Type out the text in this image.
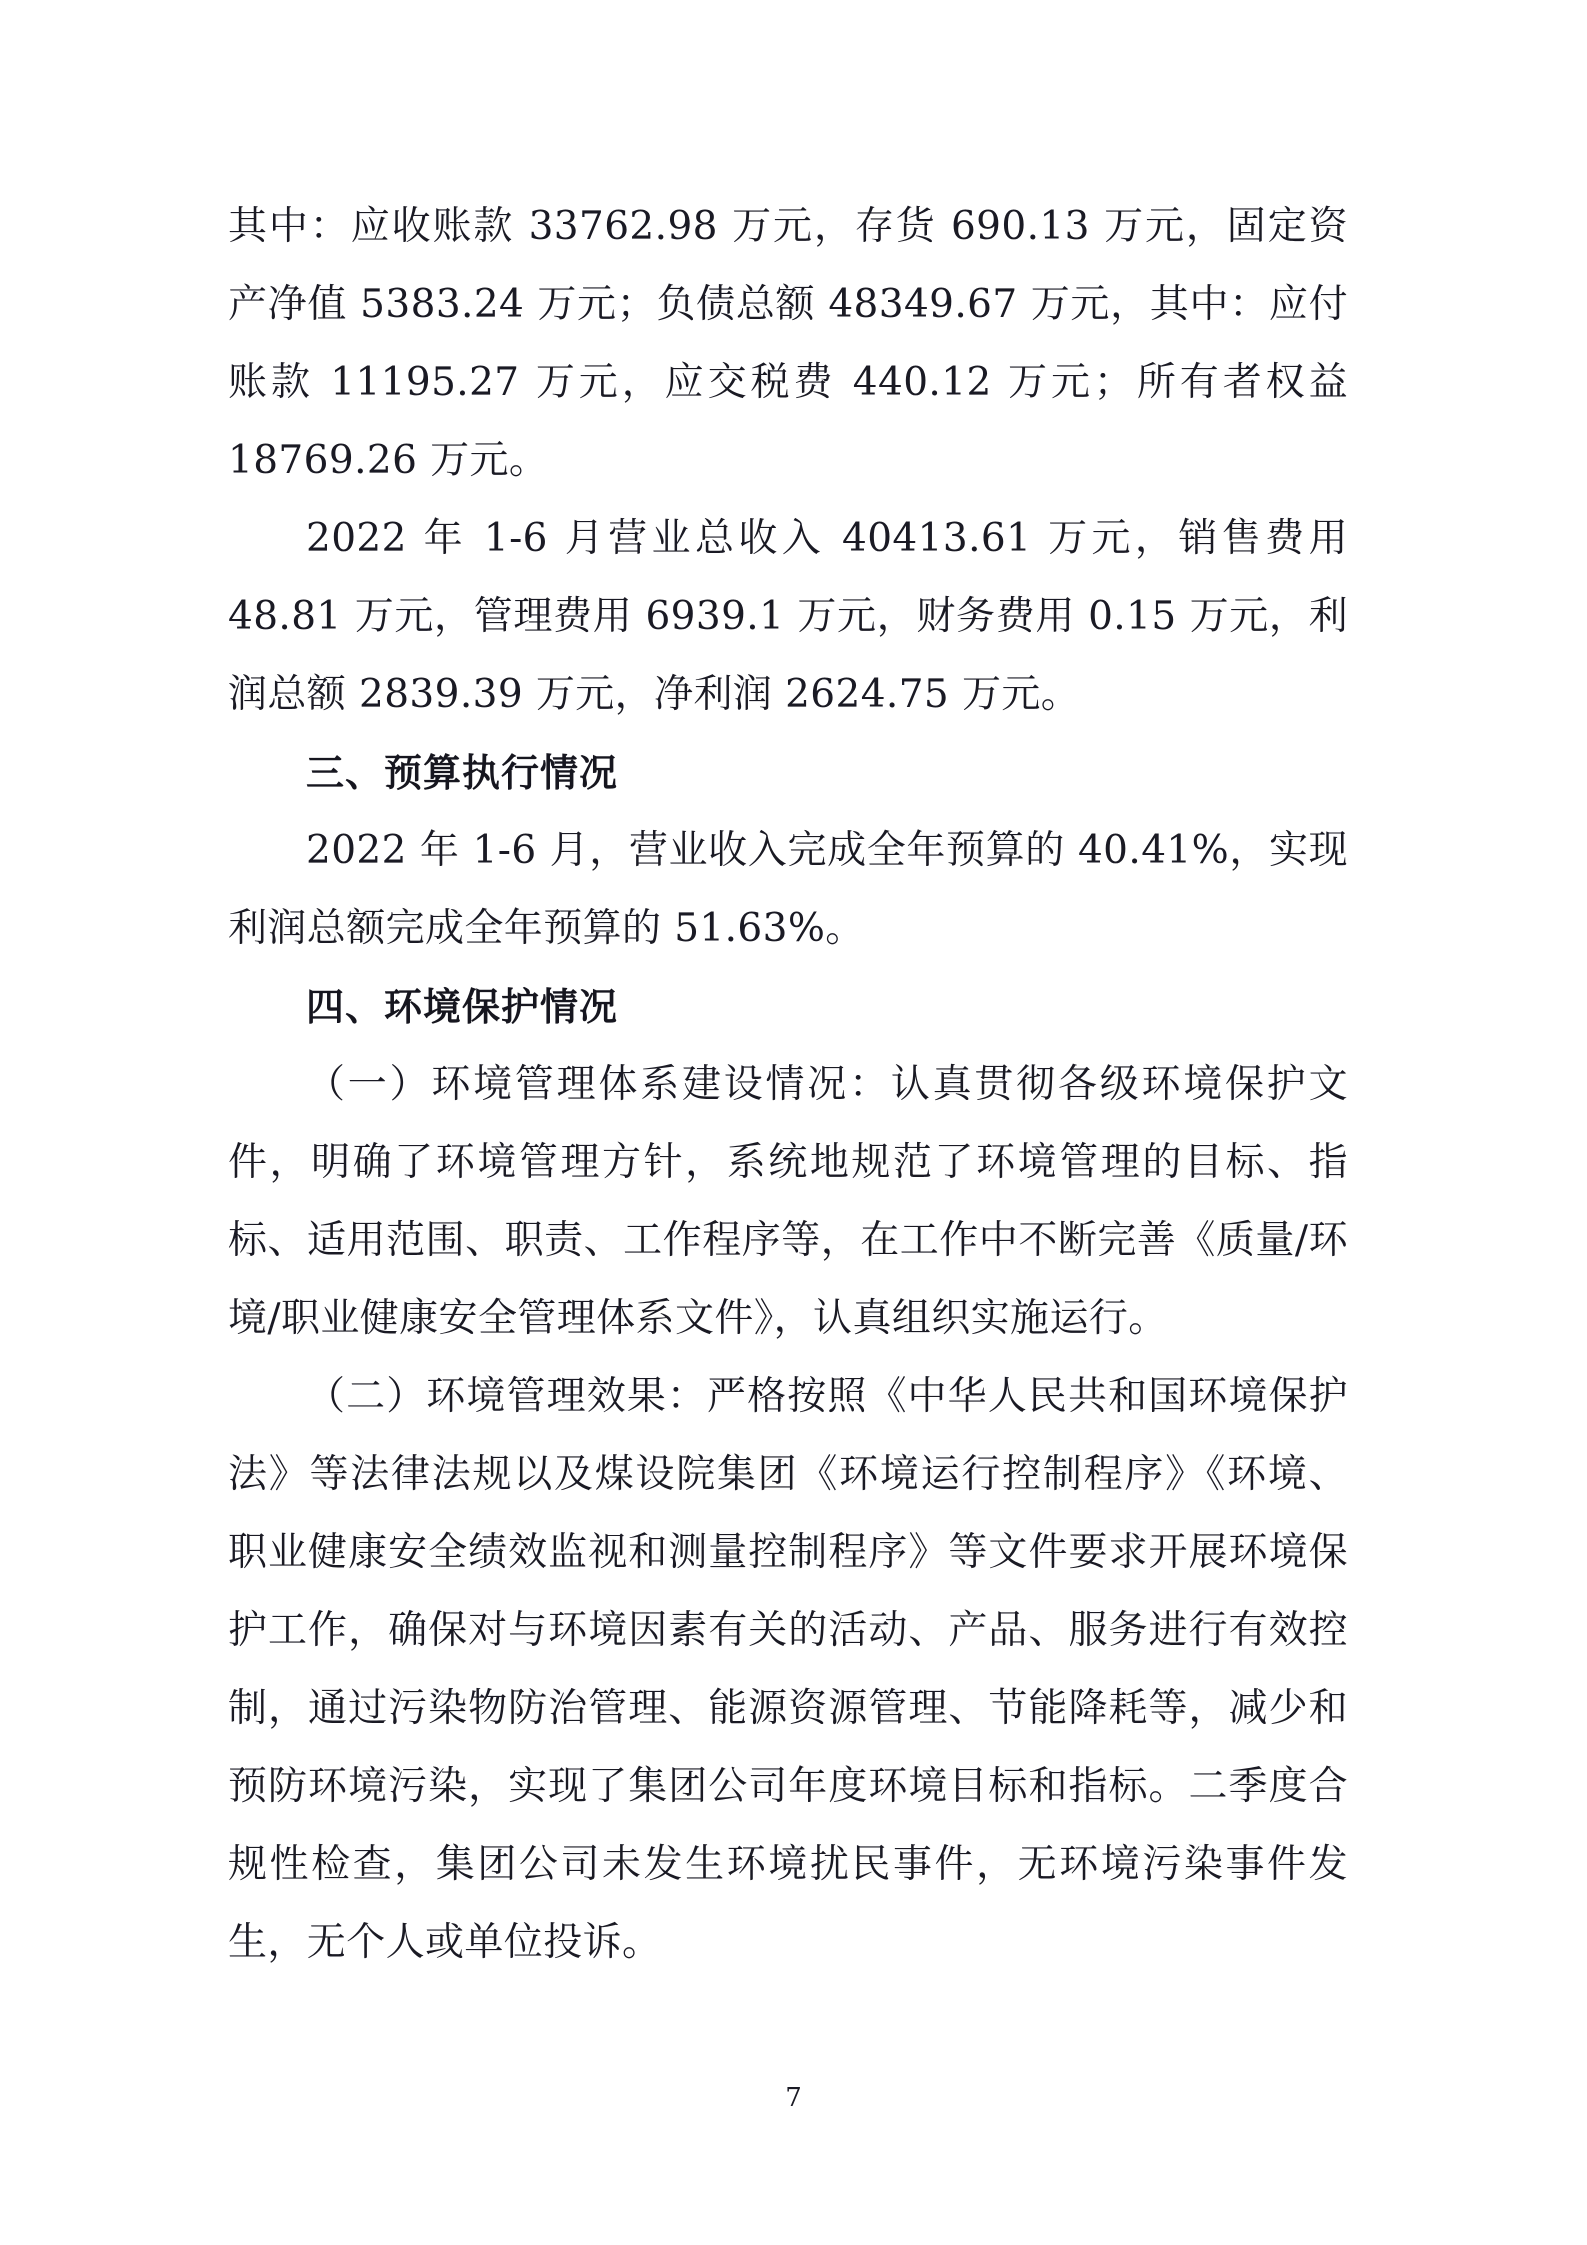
其中：应收账款 33762.98 万元，存货 690.13 万元，固定资产净值 5383.24 万元；负债总额 48349.67 万元，其中：应付账款 11195.27 万元，应交税费 440.12 万元；所有者权益 18769.26 万元。

2022 年 1-6 月营业总收入 40413.61 万元，销售费用 48.81 万元，管理费用 6939.1 万元，财务费用 0.15 万元，利润总额 2839.39 万元，净利润 2624.75 万元。

三、预算执行情况

2022 年 1-6 月，营业收入完成全年预算的 40.41%，实现利润总额完成全年预算的 51.63%。

四、环境保护情况

（一）环境管理体系建设情况：认真贯彻各级环境保护文件，明确了环境管理方针，系统地规范了环境管理的目标、指标、适用范围、职责、工作程序等，在工作中不断完善《质量/环境/职业健康安全管理体系文件》，认真组织实施运行。

（二）环境管理效果：严格按照《中华人民共和国环境保护法》等法律法规以及煤设院集团《环境运行控制程序》《环境、职业健康安全绩效监视和测量控制程序》等文件要求开展环境保护工作，确保对与环境因素有关的活动、产品、服务进行有效控制，通过污染物防治管理、能源资源管理、节能降耗等，减少和预防环境污染，实现了集团公司年度环境目标和指标。二季度合规性检查，集团公司未发生环境扰民事件，无环境污染事件发生，无个人或单位投诉。

7
